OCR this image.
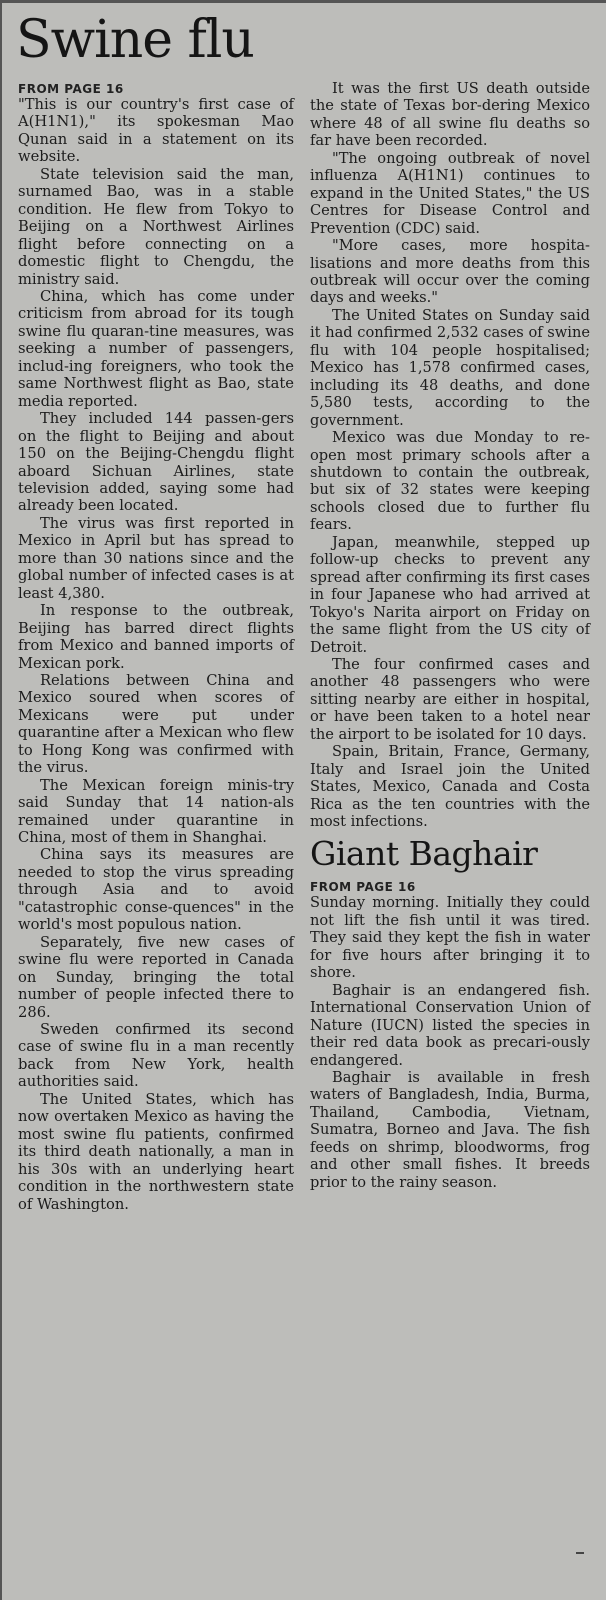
Swine flu
FROM PAGE 16

"This is our country's first case of A(H1N1)," its spokesman Mao Qunan said in a statement on its website.

State television said the man, surnamed Bao, was in a stable condition. He flew from Tokyo to Beijing on a Northwest Airlines flight before connecting on a domestic flight to Chengdu, the ministry said.

China, which has come under criticism from abroad for its tough swine flu quaran-tine measures, was seeking a number of passengers, includ-ing foreigners, who took the same Northwest flight as Bao, state media reported.

They included 144 passen-gers on the flight to Beijing and about 150 on the Beijing-Chengdu flight aboard Sichuan Airlines, state television added, saying some had already been located.

The virus was first reported in Mexico in April but has spread to more than 30 nations since and the global number of infected cases is at least 4,380.

In response to the outbreak, Beijing has barred direct flights from Mexico and banned imports of Mexican pork.

Relations between China and Mexico soured when scores of Mexicans were put under quarantine after a Mexican who flew to Hong Kong was confirmed with the virus.

The Mexican foreign minis-try said Sunday that 14 nation-als remained under quarantine in China, most of them in Shanghai.

China says its measures are needed to stop the virus spreading through Asia and to avoid "catastrophic conse-quences" in the world's most populous nation.

Separately, five new cases of swine flu were reported in Canada on Sunday, bringing the total number of people infected there to 286.

Sweden confirmed its second case of swine flu in a man recently back from New York, health authorities said.

The United States, which has now overtaken Mexico as having the most swine flu patients, confirmed its third death nationally, a man in his 30s with an underlying heart condition in the northwestern state of Washington.

It was the first US death outside the state of Texas bor-dering Mexico where 48 of all swine flu deaths so far have been recorded.

"The ongoing outbreak of novel influenza A(H1N1) continues to expand in the United States," the US Centres for Disease Control and Prevention (CDC) said.

"More cases, more hospita-lisations and more deaths from this outbreak will occur over the coming days and weeks."

The United States on Sunday said it had confirmed 2,532 cases of swine flu with 104 people hospitalised; Mexico has 1,578 confirmed cases, including its 48 deaths, and done 5,580 tests, according to the government.

Mexico was due Monday to re-open most primary schools after a shutdown to contain the outbreak, but six of 32 states were keeping schools closed due to further flu fears.

Japan, meanwhile, stepped up follow-up checks to prevent any spread after confirming its first cases in four Japanese who had arrived at Tokyo's Narita airport on Friday on the same flight from the US city of Detroit.

The four confirmed cases and another 48 passengers who were sitting nearby are either in hospital, or have been taken to a hotel near the airport to be isolated for 10 days.

Spain, Britain, France, Germany, Italy and Israel join the United States, Mexico, Canada and Costa Rica as the ten countries with the most infections.

Giant Baghair
FROM PAGE 16

Sunday morning. Initially they could not lift the fish until it was tired. They said they kept the fish in water for five hours after bringing it to shore.

Baghair is an endangered fish. International Conservation Union of Nature (IUCN) listed the species in their red data book as precari-ously endangered.

Baghair is available in fresh waters of Bangladesh, India, Burma, Thailand, Cambodia, Vietnam, Sumatra, Borneo and Java. The fish feeds on shrimp, bloodworms, frog and other small fishes. It breeds prior to the rainy season.
